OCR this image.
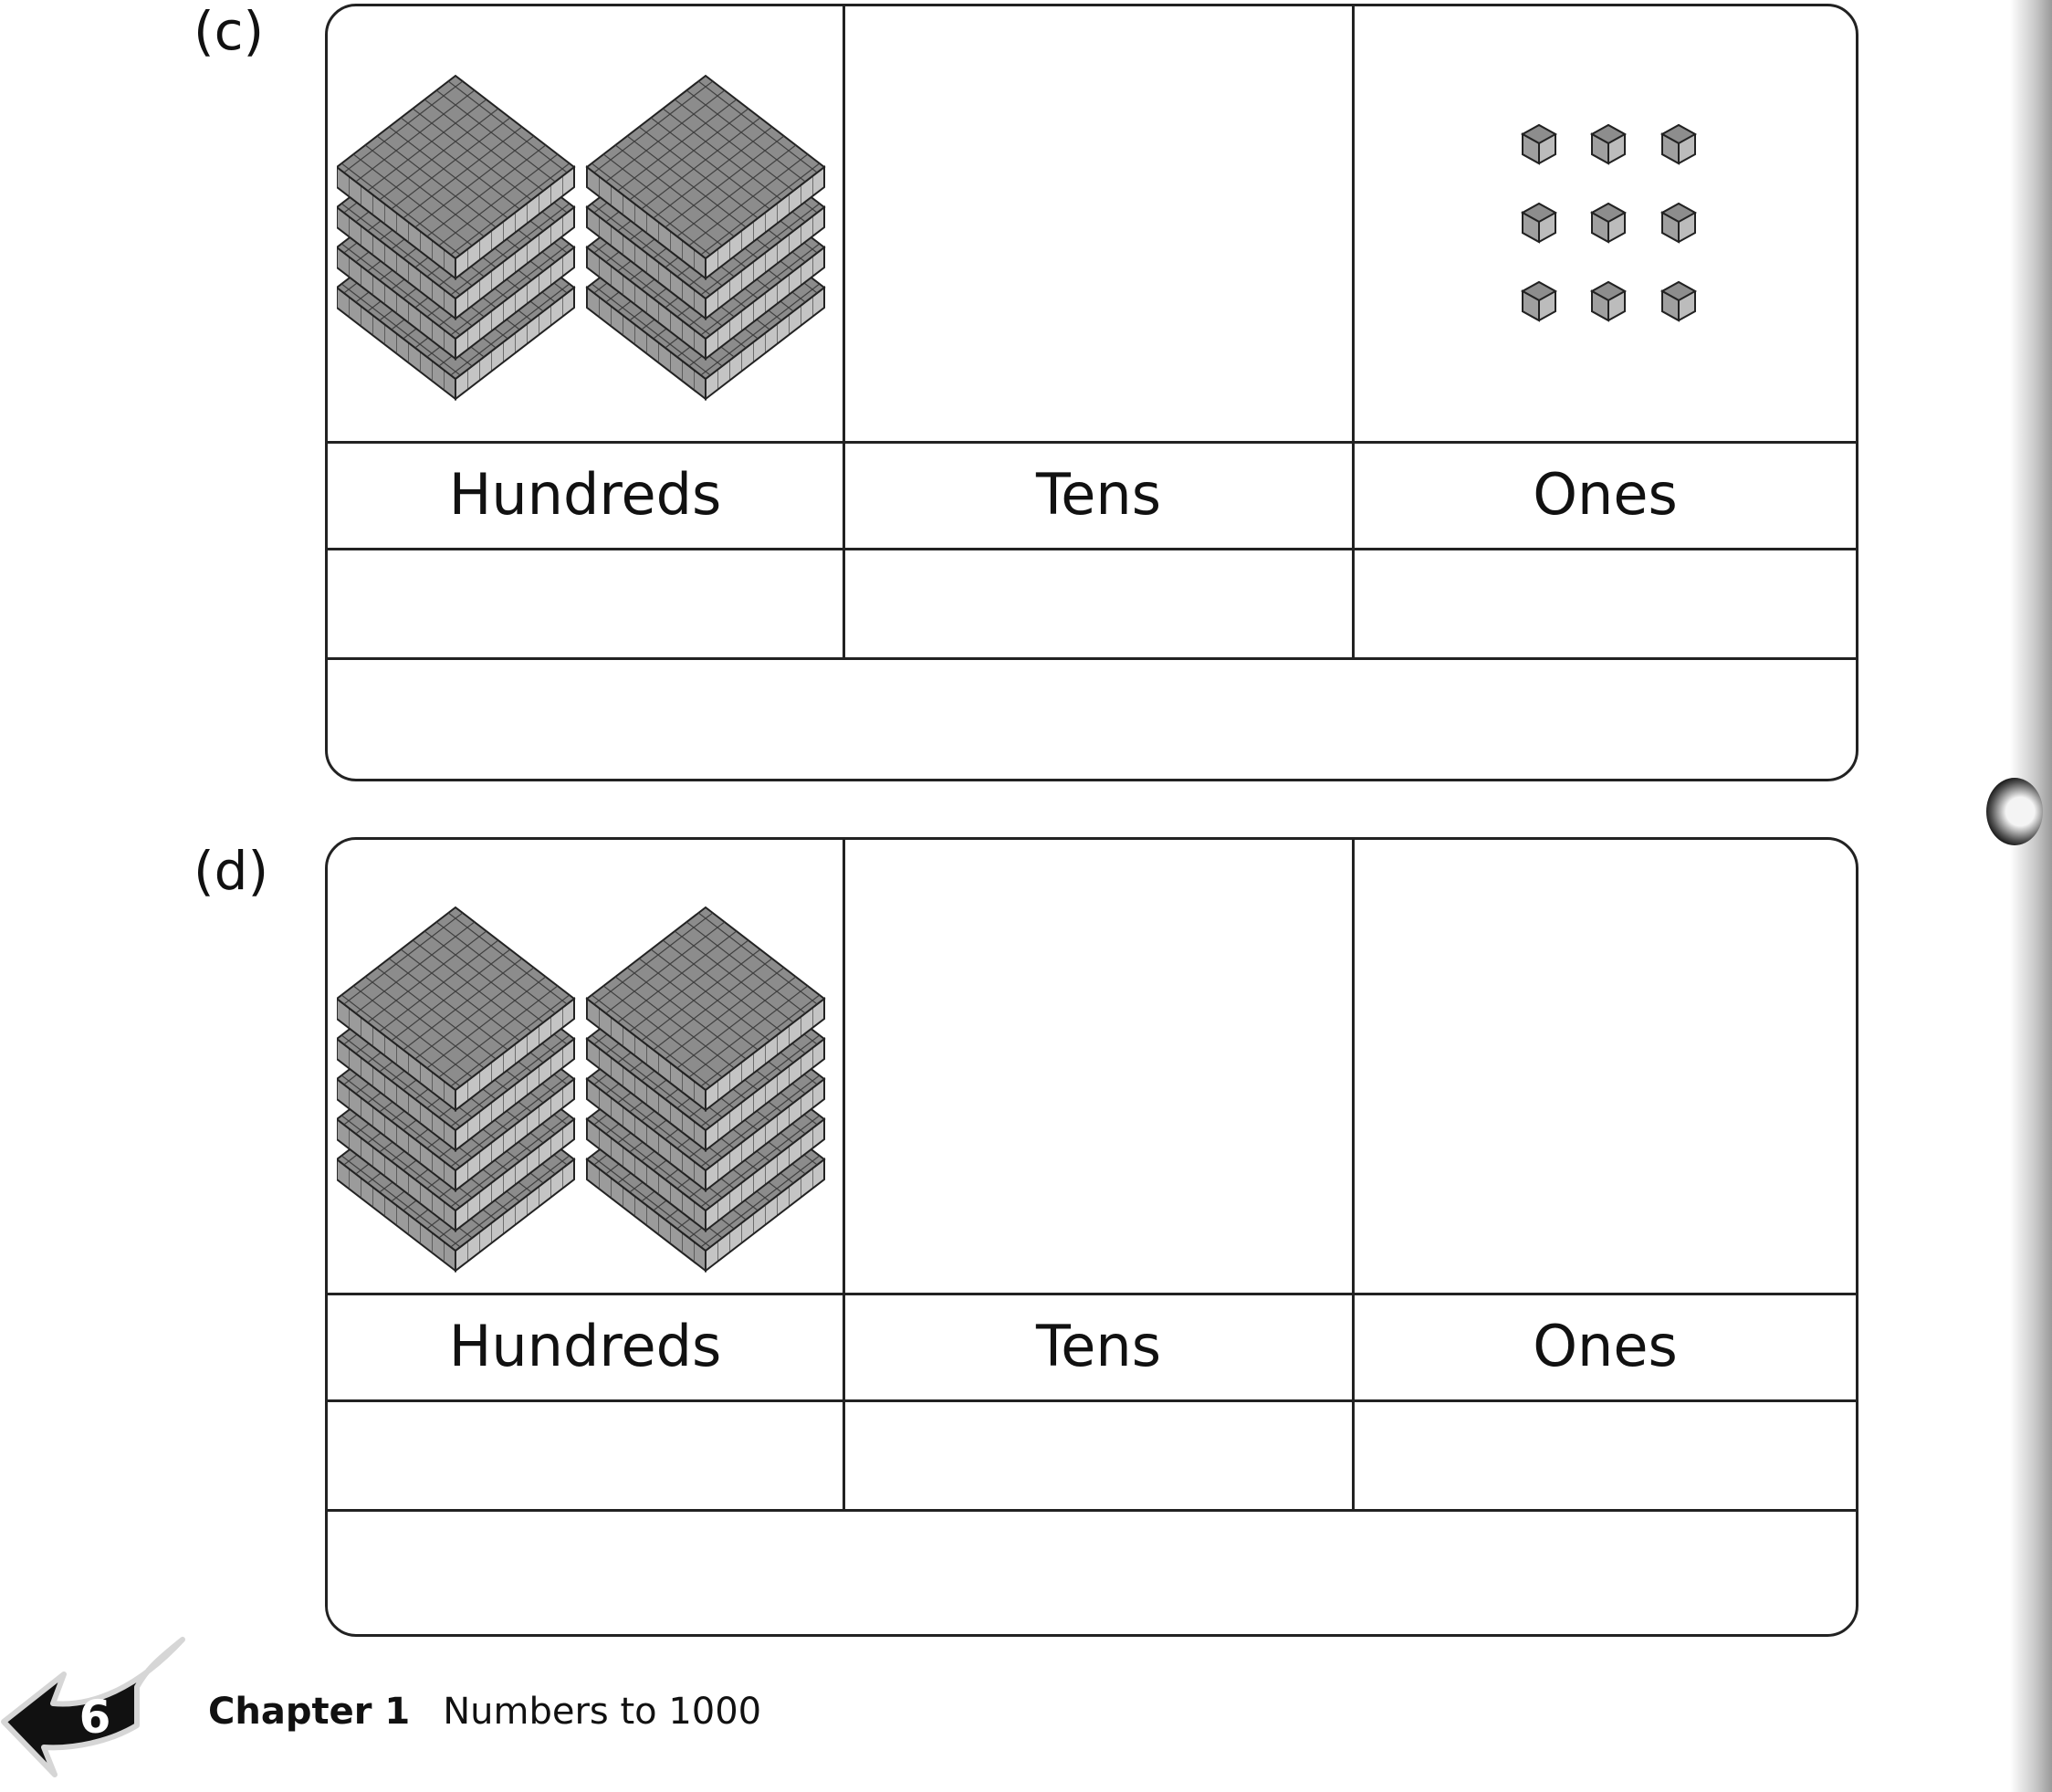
(c)
Hundreds	Tens	Ones
(d)
Hundreds	Tens	Ones
6	Chapter 1 Numbers to 1000
